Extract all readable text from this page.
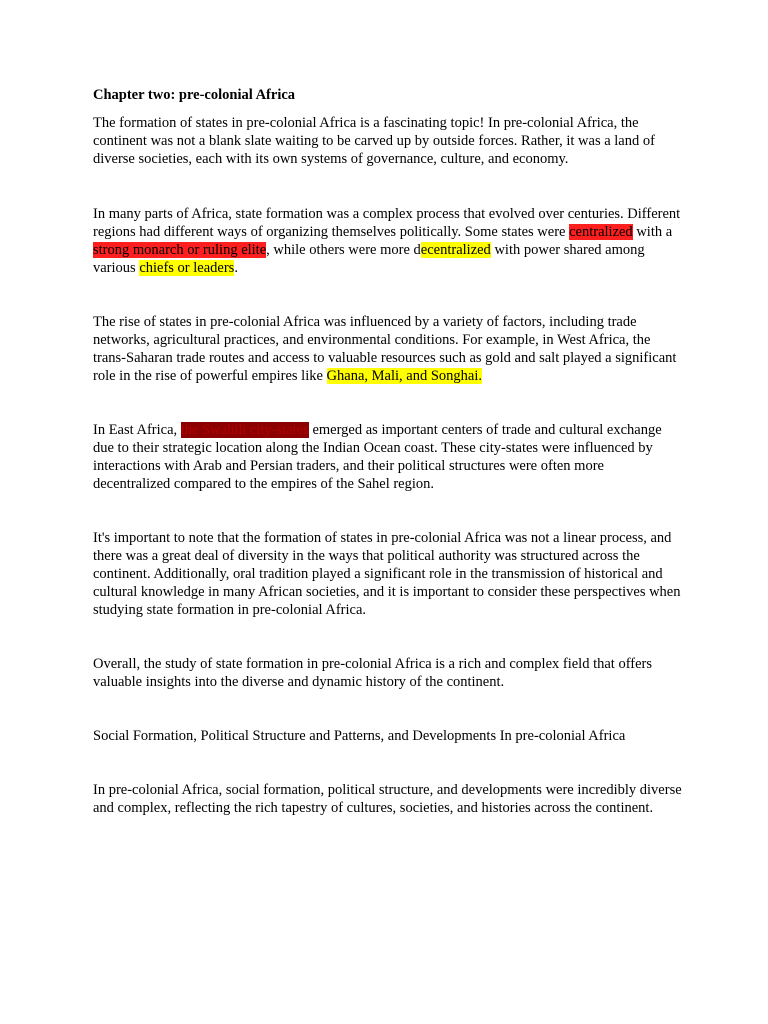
Chapter two: pre-colonial Africa

The formation of states in pre-colonial Africa is a fascinating topic! In pre-colonial Africa, the continent was not a blank slate waiting to be carved up by outside forces. Rather, it was a land of diverse societies, each with its own systems of governance, culture, and economy.

In many parts of Africa, state formation was a complex process that evolved over centuries. Different regions had different ways of organizing themselves politically. Some states were centralized with a strong monarch or ruling elite, while others were more decentralized with power shared among various chiefs or leaders.

The rise of states in pre-colonial Africa was influenced by a variety of factors, including trade networks, agricultural practices, and environmental conditions. For example, in West Africa, the trans-Saharan trade routes and access to valuable resources such as gold and salt played a significant role in the rise of powerful empires like Ghana, Mali, and Songhai.

In East Africa, the Swahili city-states emerged as important centers of trade and cultural exchange due to their strategic location along the Indian Ocean coast. These city-states were influenced by interactions with Arab and Persian traders, and their political structures were often more decentralized compared to the empires of the Sahel region.

It's important to note that the formation of states in pre-colonial Africa was not a linear process, and there was a great deal of diversity in the ways that political authority was structured across the continent. Additionally, oral tradition played a significant role in the transmission of historical and cultural knowledge in many African societies, and it is important to consider these perspectives when studying state formation in pre-colonial Africa.

Overall, the study of state formation in pre-colonial Africa is a rich and complex field that offers valuable insights into the diverse and dynamic history of the continent.

Social Formation, Political Structure and Patterns, and Developments In pre-colonial Africa

In pre-colonial Africa, social formation, political structure, and developments were incredibly diverse and complex, reflecting the rich tapestry of cultures, societies, and histories across the continent.
